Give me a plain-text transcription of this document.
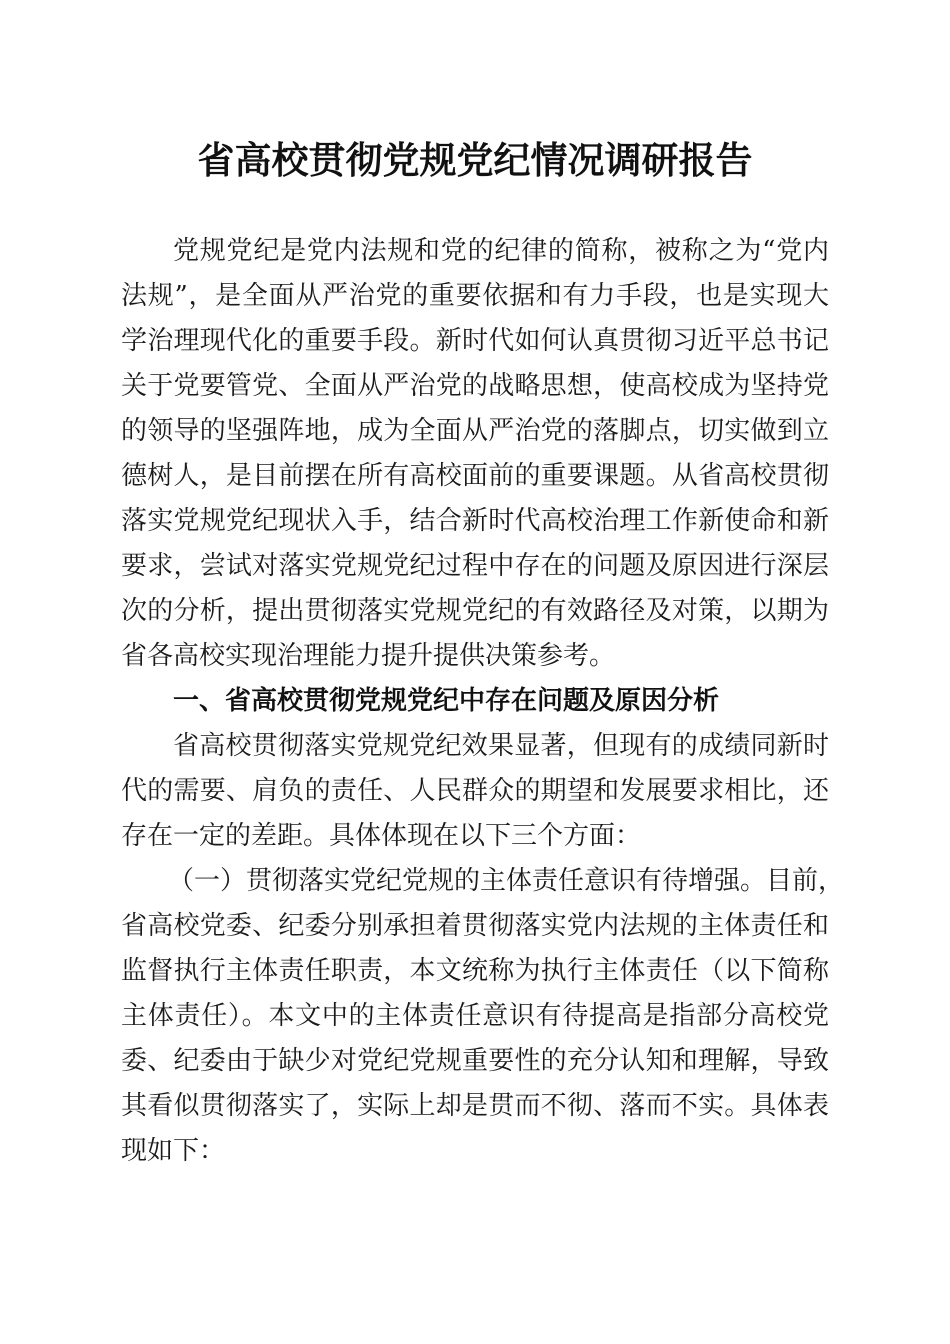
省高校贯彻党规党纪情况调研报告
党规党纪是党内法规和党的纪律的简称，被称之为“党内
法规”，是全面从严治党的重要依据和有力手段，也是实现大
学治理现代化的重要手段。新时代如何认真贯彻习近平总书记
关于党要管党、全面从严治党的战略思想，使高校成为坚持党
的领导的坚强阵地，成为全面从严治党的落脚点，切实做到立
德树人，是目前摆在所有高校面前的重要课题。从省高校贯彻
落实党规党纪现状入手，结合新时代高校治理工作新使命和新
要求，尝试对落实党规党纪过程中存在的问题及原因进行深层
次的分析，提出贯彻落实党规党纪的有效路径及对策，以期为
省各高校实现治理能力提升提供决策参考。
一、省高校贯彻党规党纪中存在问题及原因分析
省高校贯彻落实党规党纪效果显著，但现有的成绩同新时
代的需要、肩负的责任、人民群众的期望和发展要求相比，还
存在一定的差距。具体体现在以下三个方面：
（一）贯彻落实党纪党规的主体责任意识有待增强。目前，
省高校党委、纪委分别承担着贯彻落实党内法规的主体责任和
监督执行主体责任职责，本文统称为执行主体责任（以下简称
主体责任）。本文中的主体责任意识有待提高是指部分高校党
委、纪委由于缺少对党纪党规重要性的充分认知和理解，导致
其看似贯彻落实了，实际上却是贯而不彻、落而不实。具体表
现如下：
